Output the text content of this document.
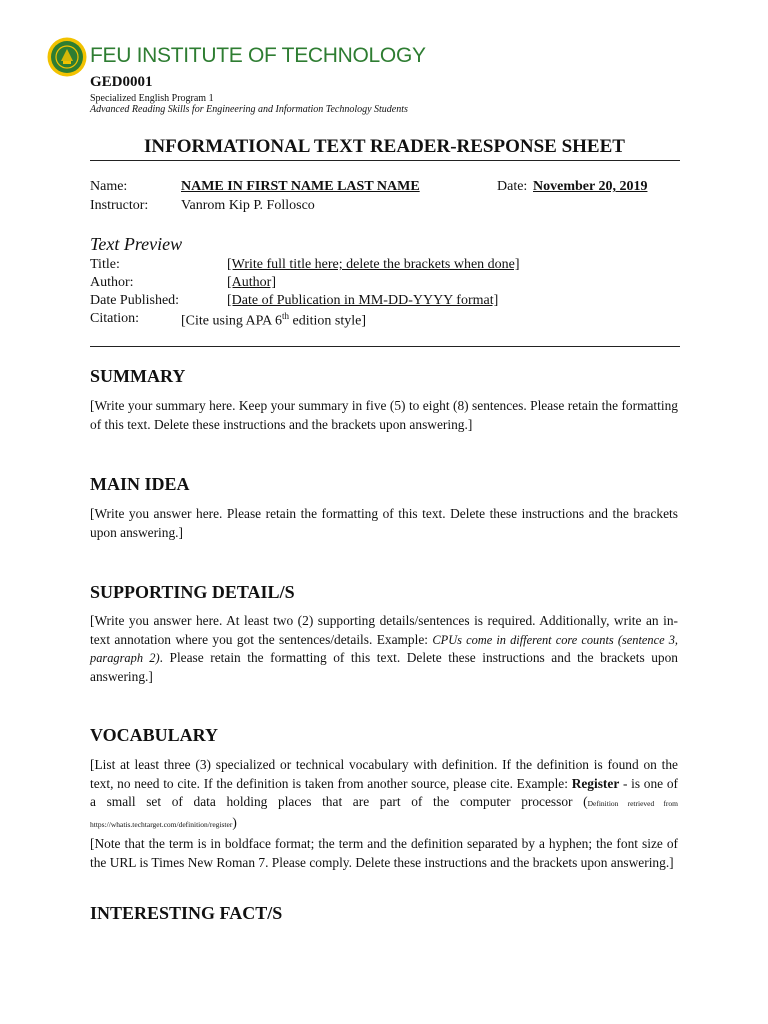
FEU INSTITUTE OF TECHNOLOGY
GED0001
Specialized English Program 1
Advanced Reading Skills for Engineering and Information Technology Students
INFORMATIONAL TEXT READER-RESPONSE SHEET
Name:	NAME IN FIRST NAME LAST NAME	Date: November 20, 2019
Instructor: Vanrom Kip P. Follosco
Text Preview
Title:	[Write full title here; delete the brackets when done]
Author:	[Author]
Date Published:	[Date of Publication in MM-DD-YYYY format]
Citation:	[Cite using APA 6th edition style]
SUMMARY
[Write your summary here. Keep your summary in five (5) to eight (8) sentences. Please retain the formatting of this text. Delete these instructions and the brackets upon answering.]
MAIN IDEA
[Write you answer here. Please retain the formatting of this text. Delete these instructions and the brackets upon answering.]
SUPPORTING DETAIL/S
[Write you answer here. At least two (2) supporting details/sentences is required. Additionally, write an in-text annotation where you got the sentences/details. Example: CPUs come in different core counts (sentence 3, paragraph 2). Please retain the formatting of this text. Delete these instructions and the brackets upon answering.]
VOCABULARY
[List at least three (3) specialized or technical vocabulary with definition. If the definition is found on the text, no need to cite. If the definition is taken from another source, please cite. Example: Register - is one of a small set of data holding places that are part of the computer processor (Definition retrieved from https://whatis.techtarget.com/definition/register)
[Note that the term is in boldface format; the term and the definition separated by a hyphen; the font size of the URL is Times New Roman 7. Please comply. Delete these instructions and the brackets upon answering.]
INTERESTING FACT/S
